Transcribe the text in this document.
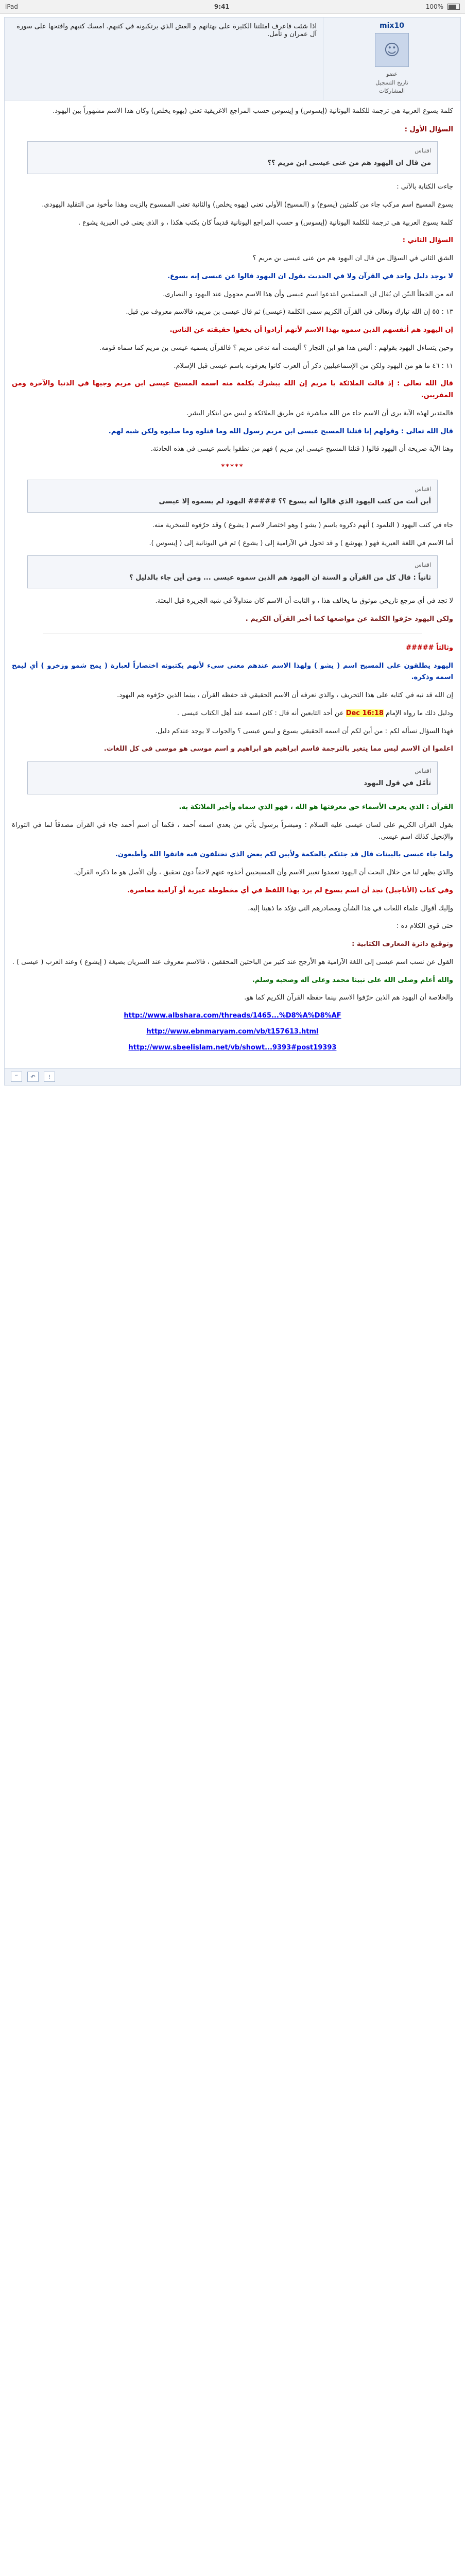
iPad	9:41	100%
mix10
☺
عضو
تاريخ التسجيل
المشاركات
اذا شئت فاعرف امثلتنا الكثيرة على بهتانهم و الغش الذي يرتكبونه في كتبهم. امسك كتبهم وافتحها على سورة آل عمران و تأمل.

كلمة يسوع العربية هي ترجمة للكلمة اليونانية (إيسوس) و إيسوس حسب المراجع الاغريقية تعني (يهوه يخلص) وكان هذا الاسم مشهوراً بين اليهود.

السؤال الأول :
اقتباس
من قال ان اليهود هم من عنى عيسى ابن مريم ؟؟

جاءت الكتابة بالآتي :

يسوع المسيح اسم مركب جاء من كلمتين (يسوع) و (المسيح) الأولى تعني (يهوه يخلص) والثانية تعني الممسوح بالزيت وهذا مأخوذ من التقليد اليهودي.

كلمة يسوع العربية هي ترجمة للكلمة اليونانية (إيسوس) و حسب المراجع اليونانية قديماً كان يكتب هكذا ، و الذي يعني في العبرية يشوع .

السؤال الثاني :

الشق الثاني في السؤال من قال ان اليهود هم من عنى عيسى بن مريم ؟

لا يوجد دليل واحد في القرآن ولا في الحديث يقول ان اليهود قالوا عن عيسى إنه يسوع.

انه من الخطأ البيّن ان يُقال ان المسلمين ابتدعوا اسم عيسى وأن هذا الاسم مجهول عند اليهود و النصارى.

١٣ : ٥٥ إن الله تبارك وتعالى في القرآن الكريم سمى الكلمة (عيسى) ثم قال عيسى بن مريم، فالاسم معروف من قبل.

إن اليهود هم أنفسهم الذين سموه بهذا الاسم لأنهم أرادوا أن يخفوا حقيقته عن الناس.

وحين يتساءل اليهود بقولهم : أليس هذا هو ابن النجار ؟ أليست أمه تدعى مريم ؟ فالقرآن يسميه عيسى بن مريم كما سماه قومه.

١١ : ٤٦ ما هو من اليهود ولكن من الإسماعيليين ذكر أن العرب كانوا يعرفونه باسم عيسى قبل الإسلام.

قال الله تعالى : إذ قالت الملائكة يا مريم إن الله يبشرك بكلمة منه اسمه المسيح عيسى ابن مريم وجيها في الدنيا والآخرة ومن المقربين.

فالمتدبر لهذه الآية يرى أن الاسم جاء من الله مباشرة عن طريق الملائكة و ليس من ابتكار البشر.

قال الله تعالى : وقولهم إنا قتلنا المسيح عيسى ابن مريم رسول الله وما قتلوه وما صلبوه ولكن شبه لهم.

وهنا الآية صريحة أن اليهود قالوا ( قتلنا المسيح عيسى ابن مريم ) فهم من نطقوا باسم عيسى في هذه الحادثة.

*****
اقتباس
أين أنت من كتب اليهود الذي قالوا أنه يسوع ؟؟ ##### اليهود لم يسموه إلا عيسى

جاء في كتب اليهود ( التلمود ) أنهم ذكروه باسم ( يشو ) وهو اختصار لاسم ( يشوع ) وقد حرّفوه للسخرية منه.

أما الاسم في اللغة العبرية فهو ( يهوشع ) و قد تحول في الآرامية إلى ( يشوع ) ثم في اليونانية إلى ( إيسوس ).

اقتباس
ثانياً : قال كل من القرآن و السنة ان اليهود هم الذين سموه عيسى ... ومن أين جاء بالدليل ؟

لا تجد في أي مرجع تاريخي موثوق ما يخالف هذا ، و الثابت أن الاسم كان متداولاً في شبه الجزيرة قبل البعثة.

ولكن اليهود حرّفوا الكلمة عن مواضعها كما أخبر القرآن الكريم .

وثالثاً #####

اليهود يطلقون على المسيح اسم ( يشو ) ولهذا الاسم عندهم معنى سيء لأنهم يكتبونه اختصاراً لعبارة ( يمح شمو وزخرو ) أي ليمح اسمه وذكره.

إن الله قد نبه في كتابه على هذا التحريف ، والذي نعرفه أن الاسم الحقيقي قد حفظه القرآن ، بينما الذين حرّفوه هم اليهود.

ودليل ذلك ما رواه الإمام Dec 16:18 عن أحد التابعين أنه قال : كان اسمه عند أهل الكتاب عيسى .

فهذا السؤال نسأله لكم : من أين لكم أن اسمه الحقيقي يسوع و ليس عيسى ؟ والجواب لا يوجد عندكم دليل.

اعلموا ان الاسم ليس مما يتغير بالترجمة فاسم ابراهيم هو ابراهيم و اسم موسى هو موسى في كل اللغات.

اقتباس
تأمّل في قول اليهود

القرآن : الذي يعرف الأسماء حق معرفتها هو الله ، فهو الذي سماه وأخبر الملائكة به.

يقول القرآن الكريم على لسان عيسى عليه السلام : ومبشراً برسول يأتي من بعدي اسمه أحمد ، فكما أن اسم أحمد جاء في القرآن مصدقاً لما في التوراة والإنجيل كذلك اسم عيسى.

ولما جاء عيسى بالبينات قال قد جئتكم بالحكمة ولأبين لكم بعض الذي تختلفون فيه فاتقوا الله وأطيعون.

والذي يظهر لنا من خلال البحث أن اليهود تعمدوا تغيير الاسم وأن المسيحيين أخذوه عنهم لاحقاً دون تحقيق ، وأن الأصل هو ما ذكره القرآن.

وفي كتاب (الأناجيل) نجد أن اسم يسوع لم يرد بهذا اللفظ في أي مخطوطة عبرية أو آرامية معاصرة.

وإليك أقوال علماء اللغات في هذا الشأن ومصادرهم التي تؤكد ما ذهبنا إليه.

حتى قوى الكلام ده :

وتوقيع دائرة المعارف الكتابية :

القول عن نسب اسم عيسى إلى اللغة الآرامية هو الأرجح عند كثير من الباحثين المحققين ، فالاسم معروف عند السريان بصيغة ( إيشوع ) وعند العرب ( عيسى ) .

والله أعلم وصلى الله على نبينا محمد وعلى آله وصحبه وسلم.

والخلاصة أن اليهود هم الذين حرّفوا الاسم بينما حفظه القرآن الكريم كما هو.

http://www.albshara.com/threads/1465...%D8%A%D8%AF
http://www.ebnmaryam.com/vb/t157613.html
http://www.sbeelislam.net/vb/showt...9393#post19393
”	↶	!
